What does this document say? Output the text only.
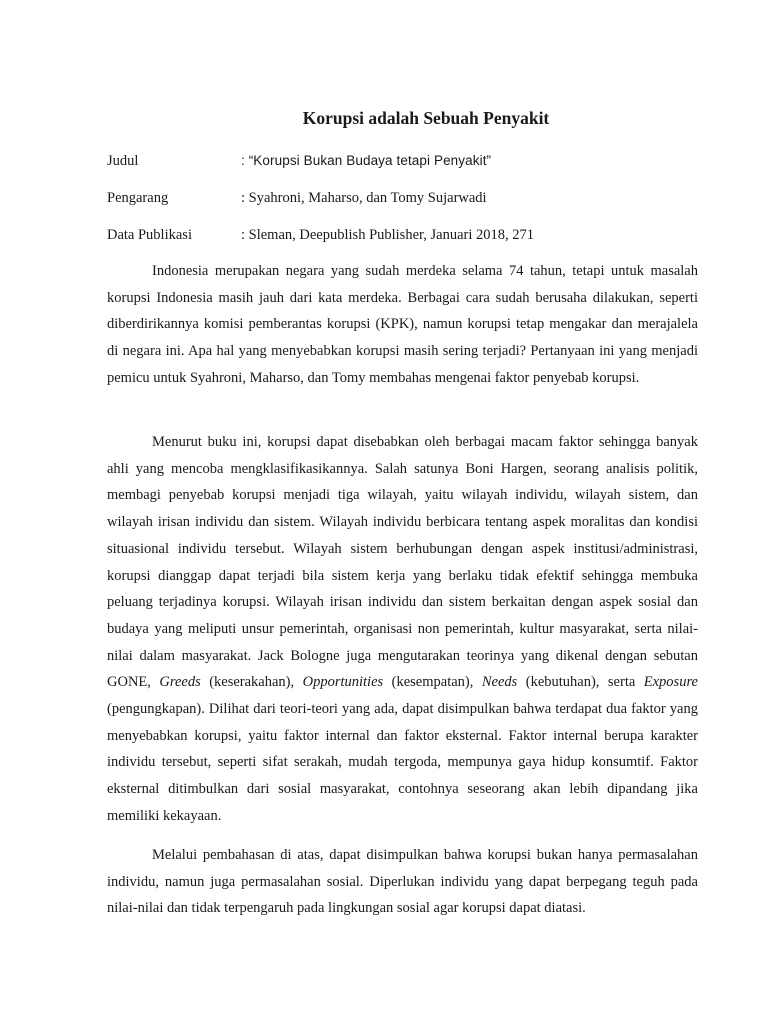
Korupsi adalah Sebuah Penyakit
Judul	: “Korupsi Bukan Budaya tetapi Penyakit”
Pengarang	: Syahroni, Maharso, dan Tomy Sujarwadi
Data Publikasi	: Sleman, Deepublish Publisher, Januari 2018, 271

Indonesia merupakan negara yang sudah merdeka selama 74 tahun, tetapi untuk masalah korupsi Indonesia masih jauh dari kata merdeka. Berbagai cara sudah berusaha dilakukan, seperti diberdirikannya komisi pemberantas korupsi (KPK), namun korupsi tetap mengakar dan merajalela di negara ini. Apa hal yang menyebabkan korupsi masih sering terjadi? Pertanyaan ini yang menjadi pemicu untuk Syahroni, Maharso, dan Tomy membahas mengenai faktor penyebab korupsi.

Menurut buku ini, korupsi dapat disebabkan oleh berbagai macam faktor sehingga banyak ahli yang mencoba mengklasifikasikannya. Salah satunya Boni Hargen, seorang analisis politik, membagi penyebab korupsi menjadi tiga wilayah, yaitu wilayah individu, wilayah sistem, dan wilayah irisan individu dan sistem. Wilayah individu berbicara tentang aspek moralitas dan kondisi situasional individu tersebut. Wilayah sistem berhubungan dengan aspek institusi/administrasi, korupsi dianggap dapat terjadi bila sistem kerja yang berlaku tidak efektif sehingga membuka peluang terjadinya korupsi. Wilayah irisan individu dan sistem berkaitan dengan aspek sosial dan budaya yang meliputi unsur pemerintah, organisasi non pemerintah, kultur masyarakat, serta nilai-nilai dalam masyarakat. Jack Bologne juga mengutarakan teorinya yang dikenal dengan sebutan GONE, Greeds (keserakahan), Opportunities (kesempatan), Needs (kebutuhan), serta Exposure (pengungkapan). Dilihat dari teori-teori yang ada, dapat disimpulkan bahwa terdapat dua faktor yang menyebabkan korupsi, yaitu faktor internal dan faktor eksternal. Faktor internal berupa karakter individu tersebut, seperti sifat serakah, mudah tergoda, mempunya gaya hidup konsumtif. Faktor eksternal ditimbulkan dari sosial masyarakat, contohnya seseorang akan lebih dipandang jika memiliki kekayaan.

Melalui pembahasan di atas, dapat disimpulkan bahwa korupsi bukan hanya permasalahan individu, namun juga permasalahan sosial. Diperlukan individu yang dapat berpegang teguh pada nilai-nilai dan tidak terpengaruh pada lingkungan sosial agar korupsi dapat diatasi.
